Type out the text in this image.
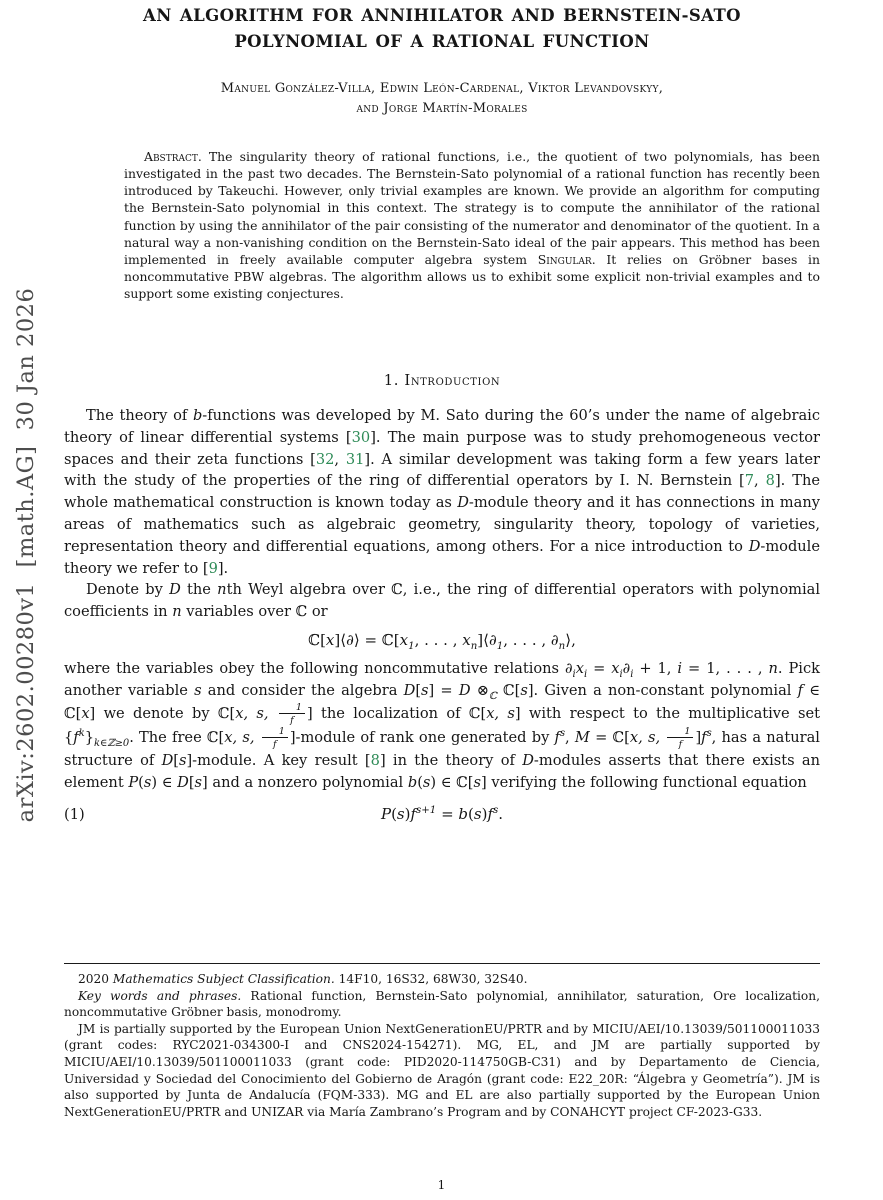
arXiv:2602.00280v1  [math.AG]  30 Jan 2026
AN ALGORITHM FOR ANNIHILATOR AND BERNSTEIN-SATO
POLYNOMIAL OF A RATIONAL FUNCTION
Manuel González-Villa, Edwin León-Cardenal, Viktor Levandovskyy,
and Jorge Martín-Morales
Abstract. The singularity theory of rational functions, i.e., the quotient of two polynomials, has been investigated in the past two decades. The Bernstein-Sato polynomial of a rational function has recently been introduced by Takeuchi. However, only trivial examples are known. We provide an algorithm for computing the Bernstein-Sato polynomial in this context. The strategy is to compute the annihilator of the rational function by using the annihilator of the pair consisting of the numerator and denominator of the quotient. In a natural way a non-vanishing condition on the Bernstein-Sato ideal of the pair appears. This method has been implemented in freely available computer algebra system Singular. It relies on Gröbner bases in noncommutative PBW algebras. The algorithm allows us to exhibit some explicit non-trivial examples and to support some existing conjectures.
1. Introduction

The theory of b-functions was developed by M. Sato during the 60’s under the name of algebraic theory of linear differential systems [30]. The main purpose was to study prehomogeneous vector spaces and their zeta functions [32, 31]. A similar development was taking form a few years later with the study of the properties of the ring of differential operators by I. N. Bernstein [7, 8]. The whole mathematical construction is known today as D-module theory and it has connections in many areas of mathematics such as algebraic geometry, singularity theory, topology of varieties, representation theory and differential equations, among others. For a nice introduction to D-module theory we refer to [9].

Denote by D the nth Weyl algebra over ℂ, i.e., the ring of differential operators with polynomial coefficients in n variables over ℂ or

ℂ[x]⟨∂⟩ = $ℂ[x_1$, . . . , $x_n]⟨\partial_1$, . . . , $\partial_n⟩$,

where the variables obey the following noncommutative relations $\partial_ix_i = x_i\partial_i + 1$, i = 1, . . . , n. Pick another variable s and consider the algebra D[s] = D $\otimes_ℂ$ ℂ[s]. Given a non-constant polynomial f ∈ ℂ[x] we denote by ℂ[x, s, $\frac{1}{f}$ ] the localization of ℂ[x, s] with respect to the multiplicative set $\{f^k\}_{k\in ℤ\ge 0}$. The free ℂ[x, s, $\frac{1}{f}$ ]-module of rank one generated by $f^s$, M = ℂ[x, s, $\frac{1}{f} ]f^s$, has a natural structure of D[s]-module. A key result [8] in the theory of D-modules asserts that there exists an element P(s) ∈ D[s] and a nonzero polynomial b(s) ∈ ℂ[s] verifying the following functional equation

(1)	$P(s)f^{s+1} = b(s)f^s$.

2020 Mathematics Subject Classification. 14F10, 16S32, 68W30, 32S40.

Key words and phrases. Rational function, Bernstein-Sato polynomial, annihilator, saturation, Ore localization, noncommutative Gröbner basis, monodromy.

JM is partially supported by the European Union NextGenerationEU/PRTR and by MICIU/AEI/10.13039/501100011033 (grant codes: RYC2021-034300-I and CNS2024-154271). MG, EL, and JM are partially supported by MICIU/AEI/10.13039/501100011033 (grant code: PID2020-114750GB-C31) and by Departamento de Ciencia, Universidad y Sociedad del Conocimiento del Gobierno de Aragón (grant code: E22_20R: “Álgebra y Geometría”). JM is also supported by Junta de Andalucía (FQM-333). MG and EL are also partially supported by the European Union NextGenerationEU/PRTR and UNIZAR via María Zambrano’s Program and by CONAHCYT project CF-2023-G33.

1
